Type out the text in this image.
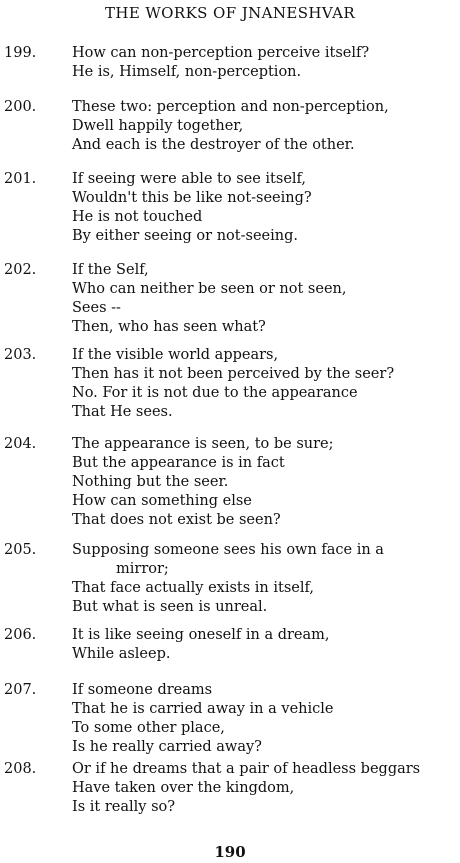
THE WORKS OF JNANESHVAR
199. How can non-perception perceive itself?
He is, Himself, non-perception.
200. These two: perception and non-perception,
Dwell happily together,
And each is the destroyer of the other.
201. If seeing were able to see itself,
Wouldn't this be like not-seeing?
He is not touched
By either seeing or not-seeing.
202. If the Self,
Who can neither be seen or not seen,
Sees --
Then, who has seen what?
203. If the visible world appears,
Then has it not been perceived by the seer?
No. For it is not due to the appearance
That He sees.
204. The appearance is seen, to be sure;
But the appearance is in fact
Nothing but the seer.
How can something else
That does not exist be seen?
205. Supposing someone sees his own face in a
mirror;
That face actually exists in itself,
But what is seen is unreal.
206. It is like seeing oneself in a dream,
While asleep.
207. If someone dreams
That he is carried away in a vehicle
To some other place,
Is he really carried away?
208. Or if he dreams that a pair of headless beggars
Have taken over the kingdom,
Is it really so?
190
